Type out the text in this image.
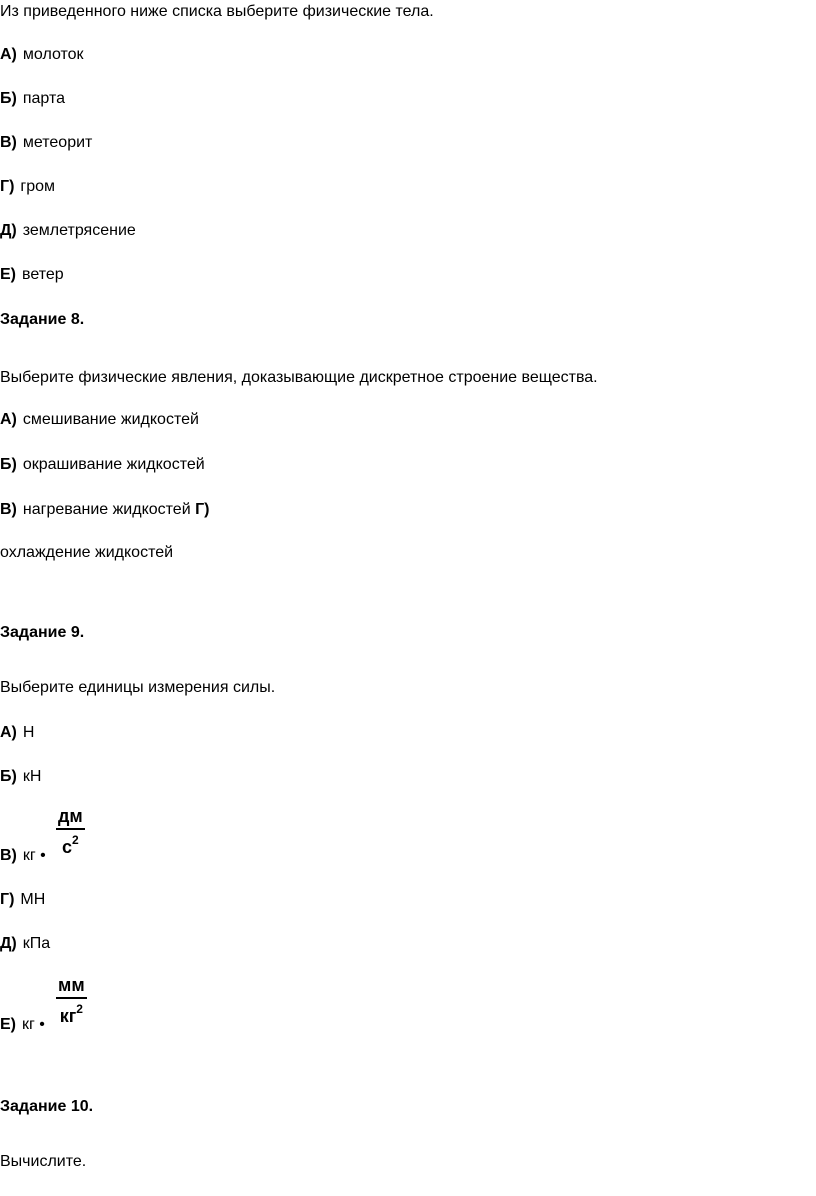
Из приведенного ниже списка выберите физические тела.
А) молоток
Б) парта
В) метеорит
Г) гром
Д) землетрясение
Е) ветер
Задание 8.
Выберите физические явления, доказывающие дискретное строение вещества.
А) смешивание жидкостей
Б) окрашивание жидкостей
В) нагревание жидкостей Г)
охлаждение жидкостей
Задание 9.
Выберите единицы измерения силы.
А) Н
Б) кН
В) кг •
дм
$с^2$
Г) МН
Д) кПа
Е) кг •
мм
$кг^2$
Задание 10.
Вычислите.
